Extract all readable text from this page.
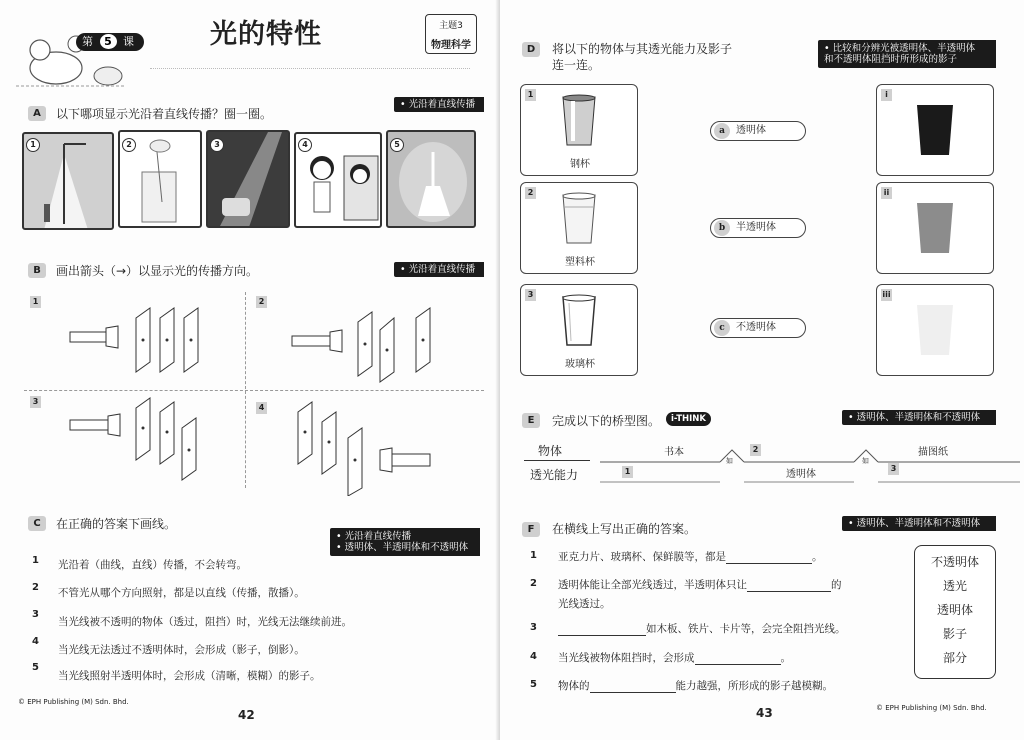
第 5 课	光的特性	主题3
物理科学
A	以下哪项显示光沿着直线传播？圈一圈。
• 光沿着直线传播
1	2	3	4	5
B	画出箭头（→）以显示光的传播方向。	• 光沿着直线传播
1	2
3
4
C	在正确的答案下画线。
• 光沿着直线传播
• 透明体、半透明体和不透明体
1 光沿着（曲线，直线）传播，不会转弯。
2 不管光从哪个方向照射，都是以直线（传播，散播）。
3
当光线被不透明的物体（透过，阻挡）时，光线无法继续前进。
4
当光线无法透过不透明体时，会形成（影子，倒影）。
5
当光线照射半透明体时，会形成（清晰，模糊）的影子。
© EPH Publishing (M) Sdn. Bhd.
42
D	将以下的物体与其透光能力及影子
连一连。
• 比较和分辨光被透明体、半透明体
和不透明体阻挡时所形成的影子
1
钢杯
2
塑料杯
3
玻璃杯
a 透明体
b 半透明体
c 不透明体
i
ii
iii
E	完成以下的桥型图。	i-THINK	• 透明体、半透明体和不透明体
物体
透光能力
书本
1
如
2
透明体
如
描图纸
3
F	在横线上写出正确的答案。	• 透明体、半透明体和不透明体
1 亚克力片、玻璃杯、保鲜膜等，都是	。
2 透明体能让全部光线透过，半透明体只让	的
光线透过。
3	如木板、铁片、卡片等，会完全阻挡光线。
4 当光线被物体阻挡时，会形成	。
5 物体的	能力越强，所形成的影子越模糊。
不透明体
透光
透明体
影子
部分
43	© EPH Publishing (M) Sdn. Bhd.
